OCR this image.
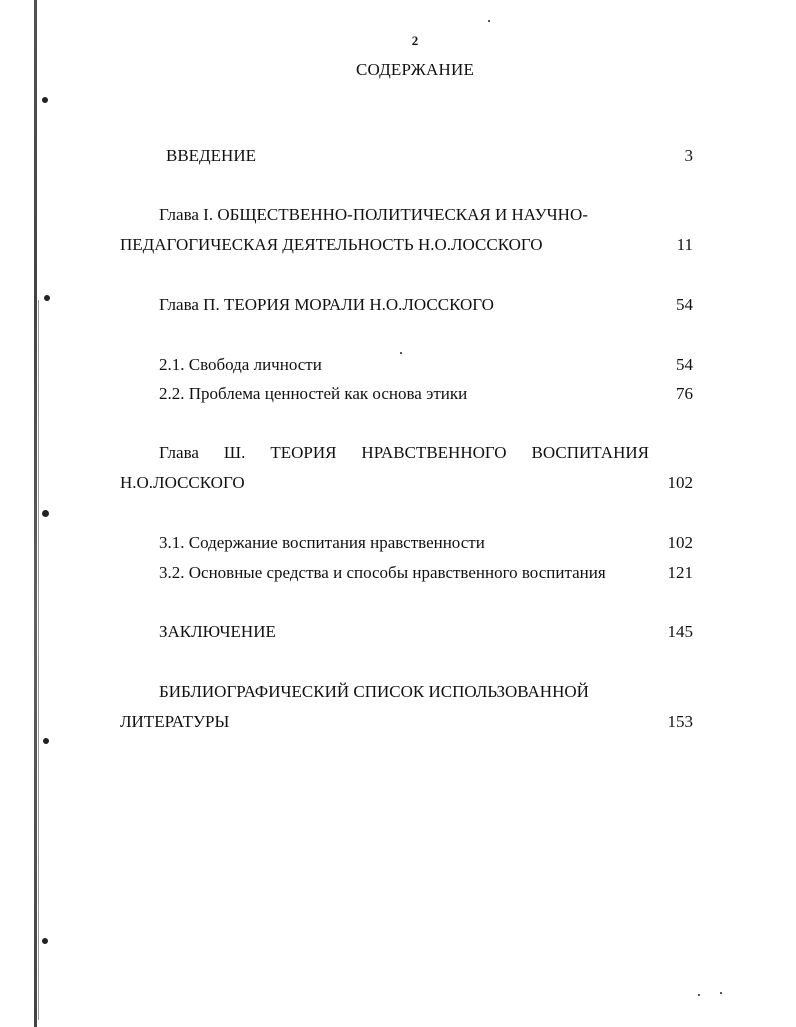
2
СОДЕРЖАНИЕ
ВВЕДЕНИЕ	3
Глава I. ОБЩЕСТВЕННО-ПОЛИТИЧЕСКАЯ И НАУЧНО-
ПЕДАГОГИЧЕСКАЯ ДЕЯТЕЛЬНОСТЬ Н.О.ЛОССКОГО	11
Глава П. ТЕОРИЯ МОРАЛИ Н.О.ЛОССКОГО	54
2.1. Свобода личности	54
2.2. Проблема ценностей как основа этики	76
Глава Ш. ТЕОРИЯ НРАВСТВЕННОГО ВОСПИТАНИЯ
Н.О.ЛОССКОГО	102
3.1. Содержание воспитания нравственности	102
3.2. Основные средства и способы нравственного воспитания	121
ЗАКЛЮЧЕНИЕ	145
БИБЛИОГРАФИЧЕСКИЙ СПИСОК ИСПОЛЬЗОВАННОЙ
ЛИТЕРАТУРЫ	153
